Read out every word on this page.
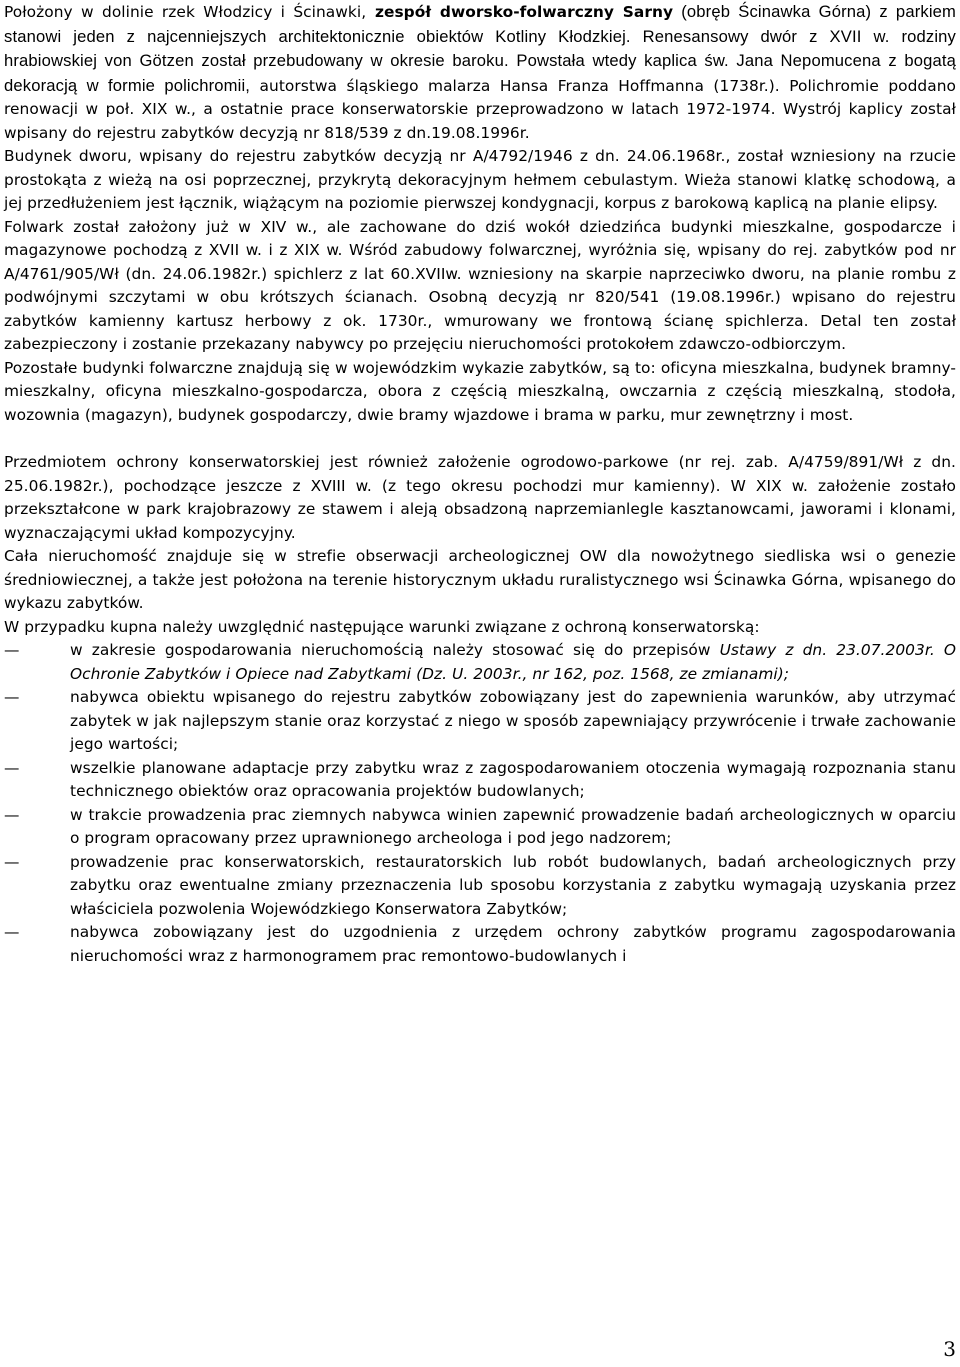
Położony w dolinie rzek Włodzicy i Ścinawki, zespół dworsko-folwarczny Sarny (obręb Ścinawka Górna) z parkiem stanowi jeden z najcenniejszych architektonicznie obiektów Kotliny Kłodzkiej. Renesansowy dwór z XVII w. rodziny hrabiowskiej von Götzen został przebudowany w okresie baroku. Powstała wtedy kaplica św. Jana Nepomucena z bogatą dekoracją w formie polichromii, autorstwa śląskiego malarza Hansa Franza Hoffmanna (1738r.). Polichromie poddano renowacji w poł. XIX w., a ostatnie prace konserwatorskie przeprowadzono w latach 1972-1974. Wystrój kaplicy został wpisany do rejestru zabytków decyzją nr 818/539 z dn.19.08.1996r.

Budynek dworu, wpisany do rejestru zabytków decyzją nr A/4792/1946 z dn. 24.06.1968r., został wzniesiony na rzucie prostokąta z wieżą na osi poprzecznej, przykrytą dekoracyjnym hełmem cebulastym. Wieża stanowi klatkę schodową, a jej przedłużeniem jest łącznik, wiążącym na poziomie pierwszej kondygnacji, korpus z barokową kaplicą na planie elipsy.

Folwark został założony już w XIV w., ale zachowane do dziś wokół dziedzińca budynki mieszkalne, gospodarcze i magazynowe pochodzą z XVII w. i z XIX w. Wśród zabudowy folwarcznej, wyróżnia się, wpisany do rej. zabytków pod nr A/4761/905/Wł (dn. 24.06.1982r.) spichlerz z lat 60.XVIIw. wzniesiony na skarpie naprzeciwko dworu, na planie rombu z podwójnymi szczytami w obu krótszych ścianach. Osobną decyzją nr 820/541 (19.08.1996r.) wpisano do rejestru zabytków kamienny kartusz herbowy z ok. 1730r., wmurowany we frontową ścianę spichlerza. Detal ten został zabezpieczony i zostanie przekazany nabywcy po przejęciu nieruchomości protokołem zdawczo-odbiorczym.

Pozostałe budynki folwarczne znajdują się w wojewódzkim wykazie zabytków, są to: oficyna mieszkalna, budynek bramny-mieszkalny, oficyna mieszkalno-gospodarcza, obora z częścią mieszkalną, owczarnia z częścią mieszkalną, stodoła, wozownia (magazyn), budynek gospodarczy, dwie bramy wjazdowe i brama w parku, mur zewnętrzny i most.

Przedmiotem ochrony konserwatorskiej jest również założenie ogrodowo-parkowe (nr rej. zab. A/4759/891/Wł z dn. 25.06.1982r.), pochodzące jeszcze z XVIII w. (z tego okresu pochodzi mur kamienny). W XIX w. założenie zostało przekształcone w park krajobrazowy ze stawem i aleją obsadzoną naprzemianlegle kasztanowcami, jaworami i klonami, wyznaczającymi układ kompozycyjny.

Cała nieruchomość znajduje się w strefie obserwacji archeologicznej OW dla nowożytnego siedliska wsi o genezie średniowiecznej, a także jest położona na terenie historycznym układu ruralistycznego wsi Ścinawka Górna, wpisanego do wykazu zabytków.

W przypadku kupna należy uwzględnić następujące warunki związane z ochroną konserwatorską:

—	w zakresie gospodarowania nieruchomością należy stosować się do przepisów Ustawy z dn. 23.07.2003r. O Ochronie Zabytków i Opiece nad Zabytkami (Dz. U. 2003r., nr 162, poz. 1568, ze zmianami);
—	nabywca obiektu wpisanego do rejestru zabytków zobowiązany jest do zapewnienia warunków, aby utrzymać zabytek w jak najlepszym stanie oraz korzystać z niego w sposób zapewniający przywrócenie i trwałe zachowanie jego wartości;
—	wszelkie planowane adaptacje przy zabytku wraz z zagospodarowaniem otoczenia wymagają rozpoznania stanu technicznego obiektów oraz opracowania projektów budowlanych;
—	w trakcie prowadzenia prac ziemnych nabywca winien zapewnić prowadzenie badań archeologicznych w oparciu o program opracowany przez uprawnionego archeologa i pod jego nadzorem;
—	prowadzenie prac konserwatorskich, restauratorskich lub robót budowlanych, badań archeologicznych przy zabytku oraz ewentualne zmiany przeznaczenia lub sposobu korzystania z zabytku wymagają uzyskania przez właściciela pozwolenia Wojewódzkiego Konserwatora Zabytków;
—	nabywca zobowiązany jest do uzgodnienia z urzędem ochrony zabytków programu zagospodarowania nieruchomości wraz z harmonogramem prac remontowo-budowlanych i
3
